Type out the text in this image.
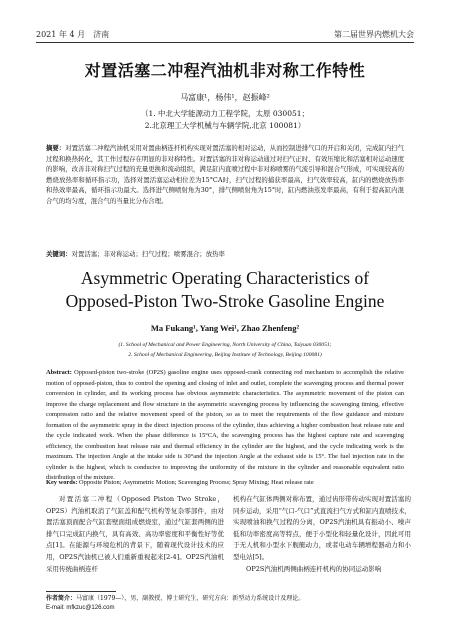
2021 年 4 月　济南	第二届世界内燃机大会
对置活塞二冲程汽油机非对称工作特性
马富康¹，杨伟¹，赵振峰²
（1. 中北大学能源动力工程学院，太原 030051；
2.北京理工大学机械与车辆学院,北京 100081）
摘要：对置活塞二冲程汽油机采用对置曲柄连杆机构实现对置活塞的相对运动，从而控制进排气口的开启和关闭，完成缸内扫气过程和换热转化，其工作过程存在明显的非对称特性。对置活塞的非对称运动通过对扫气正时、有效压缩比和活塞相对运动速度的影响，改善非对称扫气过程的充量更换和流动组织，满足缸内直喷过程中非对称喷雾的气流引导和混合气形成，可实现较高的燃烧放热率和循环指示功，选择对置活塞运动相位差为15°CA时，扫气过程的捕获率最高，扫气效率较高，缸内的燃烧放热率和热效率最高，循环指示功最大。选择进气侧喷射角为30°，排气侧喷射角为15°时，缸内燃油蒸发率最高，有利于提高缸内混合气的均匀度，混合气的当量比分布合理。
关键词：对置活塞；非对称运动；扫气过程；喷雾混合；放热率
Asymmetric Operating Characteristics of
Opposed-Piston Two-Stroke Gasoline Engine
Ma Fukang¹, Yang Wei¹, Zhao Zhenfeng²
(1. School of Mechanical and Power Engineering, North University of China, Taiyuan 030051;
2. School of Mechanical Engineering, Beijing Institute of Technology, Beijing 100081)
Abstract: Opposed-piston two-stroke (OP2S) gasoline engine uses opposed-crank connecting rod mechanism to accomplish the relative motion of opposed-piston, thus to control the opening and closing of inlet and outlet, complete the scavenging process and thermal power conversion in cylinder, and its working process has obvious asymmetric characteristics. The asymmetric movement of the piston can improve the charge replacement and flow structure in the asymmetric scavenging process by influencing the scavenging timing, effective compression ratio and the relative movement speed of the piston, so as to meet the requirements of the flow guidance and mixture formation of the asymmetric spray in the direct injection process of the cylinder, thus achieving a higher combustion heat release rate and the cycle indicated work. When the phase difference is 15°CA, the scavenging process has the highest capture rate and scavenging efficiency, the combustion heat release rate and thermal efficiency in the cylinder are the highest, and the cycle indicating work is the maximum. The injection Angle at the intake side is 30°and the injection Angle at the exhaust side is 15°. The fuel injection rate in the cylinder is the highest, which is conducive to improving the uniformity of the mixture in the cylinder and reasonable equivalent ratio distribution of the mixture.
Key words: Opposite Piston; Asymmetric Motion; Scavenging Process; Spray Mixing; Heat release rate

对置活塞二冲程（Opposed Piston Two Stroke，OP2S）汽油机取消了气缸盖和配气机构等复杂零部件，由对置活塞顶面配合气缸套壁面组成燃烧室，通过气缸套两侧的进排气口完成缸内换气，具有高效、高功率密度和平衡性好等优点[1]。在能源与环境危机的背景下，随着现代设计技术的应用，OP2S汽油机已被人们重新重视起来[2-4]。OP2S汽油机采用传统曲柄连杆

机构在气缸体两侧对称布置，通过齿形带传动实现对置活塞的同步运动，采用“气口-气口”式直流扫气方式和缸内直喷技术，实现喷油和换气过程的分离，OP2S汽油机具有振动小、噪声低和功率密度高等特点，便于小型化和轻量化设计，因此可用于无人机和小型水下舰艇动力，或者电动车辆增程器动力和小型电站[5]。

OP2S汽油机两侧曲柄连杆机构的协同运动影响

作者简介：马富康（1979—），男，副教授，博士研究生，研究方向：新型动力系统设计及理论。
E-mail: mfkzuc@126.com
